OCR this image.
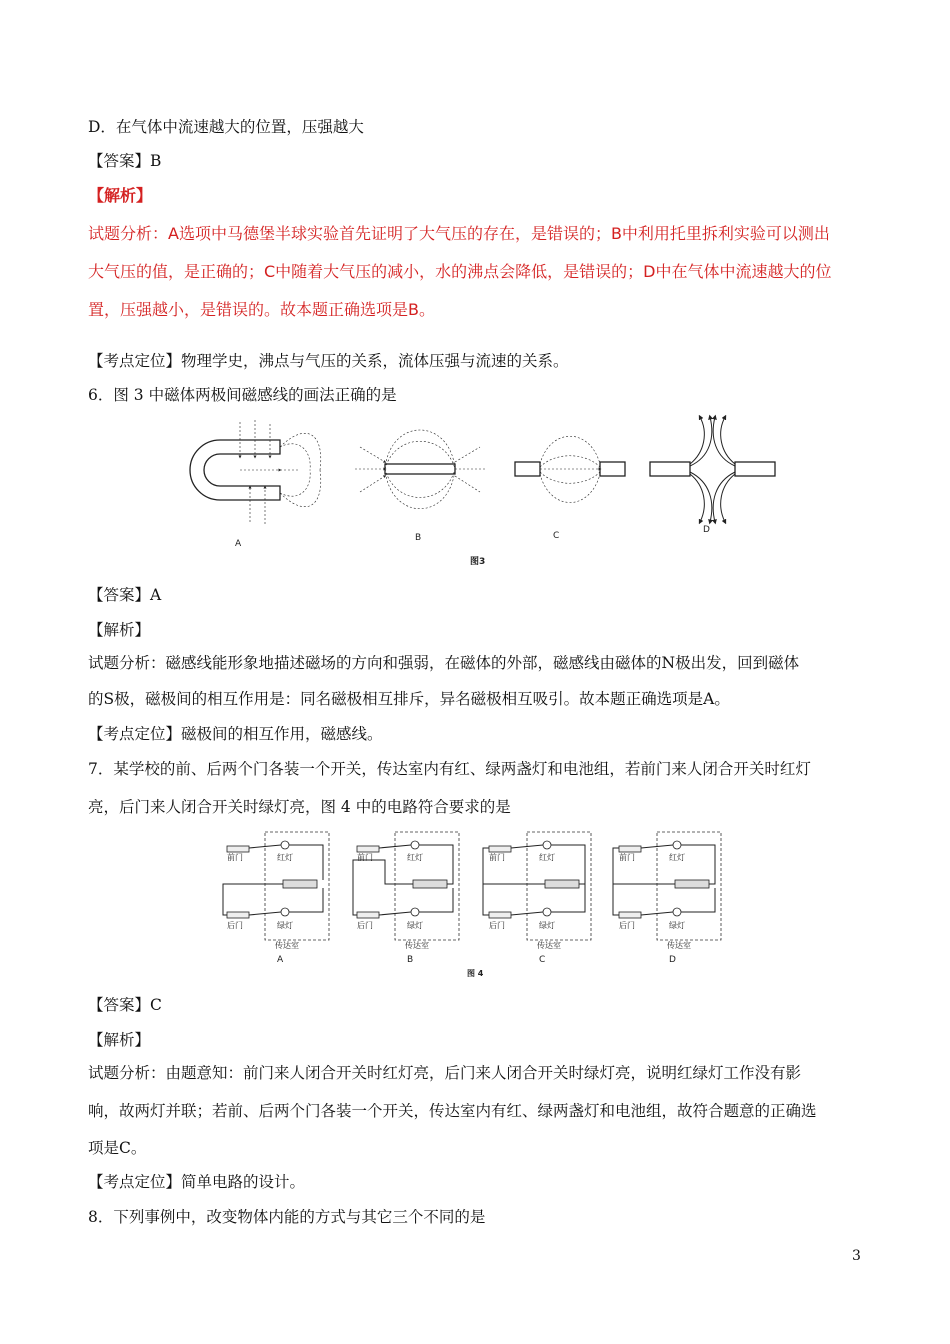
D．在气体中流速越大的位置，压强越大
【答案】B
【解析】
试题分析：A选项中马德堡半球实验首先证明了大气压的存在，是错误的；B中利用托里拆利实验可以测出
大气压的值，是正确的；C中随着大气压的减小，水的沸点会降低，是错误的；D中在气体中流速越大的位
置，压强越小，是错误的。故本题正确选项是B。
【考点定位】物理学史，沸点与气压的关系，流体压强与流速的关系。
6．图 3 中磁体两极间磁感线的画法正确的是
A
B	C
D
图3
【答案】A
【解析】
试题分析：磁感线能形象地描述磁场的方向和强弱，在磁体的外部，磁感线由磁体的N极出发，回到磁体
的S极，磁极间的相互作用是：同名磁极相互排斥，异名磁极相互吸引。故本题正确选项是A。
【考点定位】磁极间的相互作用，磁感线。
7．某学校的前、后两个门各装一个开关，传达室内有红、绿两盏灯和电池组，若前门来人闭合开关时红灯
亮，后门来人闭合开关时绿灯亮，图 4 中的电路符合要求的是
前门	红灯
后门	绿灯
传达室
A
前门	红灯
后门	绿灯
传达室
B
前门	红灯
后门	绿灯
传达室
C
前门	红灯
后门	绿灯
传达室
D
图 4
【答案】C
【解析】
试题分析：由题意知：前门来人闭合开关时红灯亮，后门来人闭合开关时绿灯亮，说明红绿灯工作没有影
响，故两灯并联；若前、后两个门各装一个开关，传达室内有红、绿两盏灯和电池组，故符合题意的正确选
项是C。
【考点定位】简单电路的设计。
8．下列事例中，改变物体内能的方式与其它三个不同的是
3
